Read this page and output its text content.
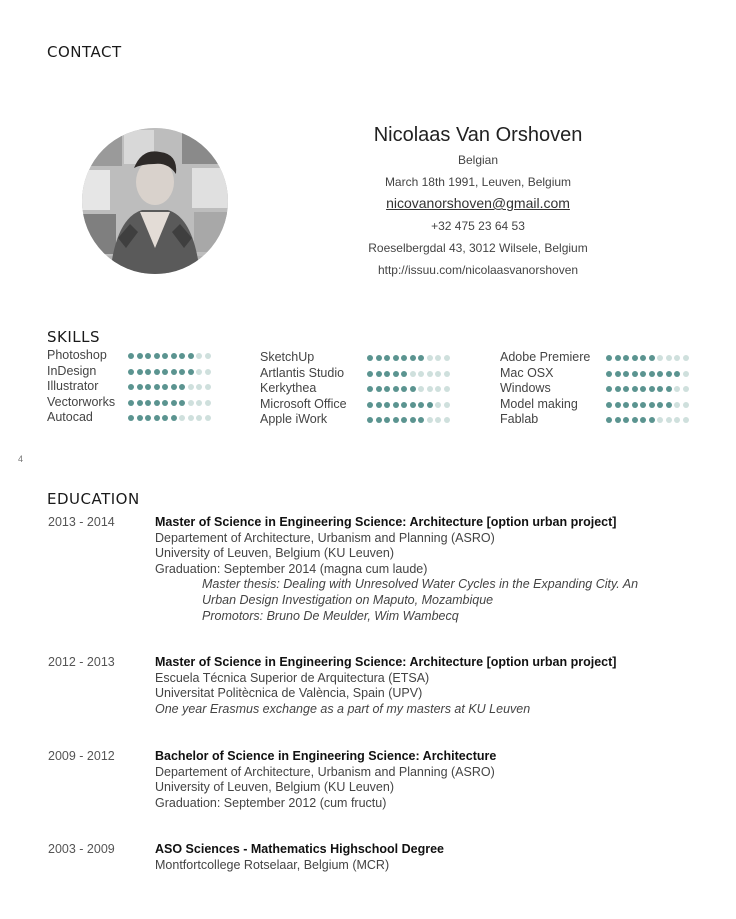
4
CONTACT
Nicolaas Van Orshoven
Belgian
March 18th 1991, Leuven, Belgium
nicovanorshoven@gmail.com
+32 475 23 64 53
Roeselbergdal 43, 3012 Wilsele, Belgium
http://issuu.com/nicolaasvanorshoven
SKILLS
Photoshop
InDesign
Illustrator
Vectorworks
Autocad
SketchUp
Artlantis Studio
Kerkythea
Microsoft Office
Apple iWork
Adobe Premiere
Mac OSX
Windows
Model making
Fablab
EDUCATION
2013 - 2014	Master of Science in Engineering Science: Architecture [option urban project]
Departement of Architecture, Urbanism and Planning (ASRO)
University of Leuven, Belgium (KU Leuven)
Graduation: September 2014 (magna cum laude)
Master thesis: Dealing with Unresolved Water Cycles in the Expanding City. An
Urban Design Investigation on Maputo, Mozambique
Promotors: Bruno De Meulder, Wim Wambecq
2012 - 2013	Master of Science in Engineering Science: Architecture [option urban project]
Escuela Técnica Superior de Arquitectura (ETSA)
Universitat Politècnica de València, Spain (UPV)
One year Erasmus exchange as a part of my masters at KU Leuven
2009 - 2012	Bachelor of Science in Engineering Science: Architecture
Departement of Architecture, Urbanism and Planning (ASRO)
University of Leuven, Belgium (KU Leuven)
Graduation: September 2012 (cum fructu)
2003 - 2009	ASO Sciences - Mathematics Highschool Degree
Montfortcollege Rotselaar, Belgium (MCR)
